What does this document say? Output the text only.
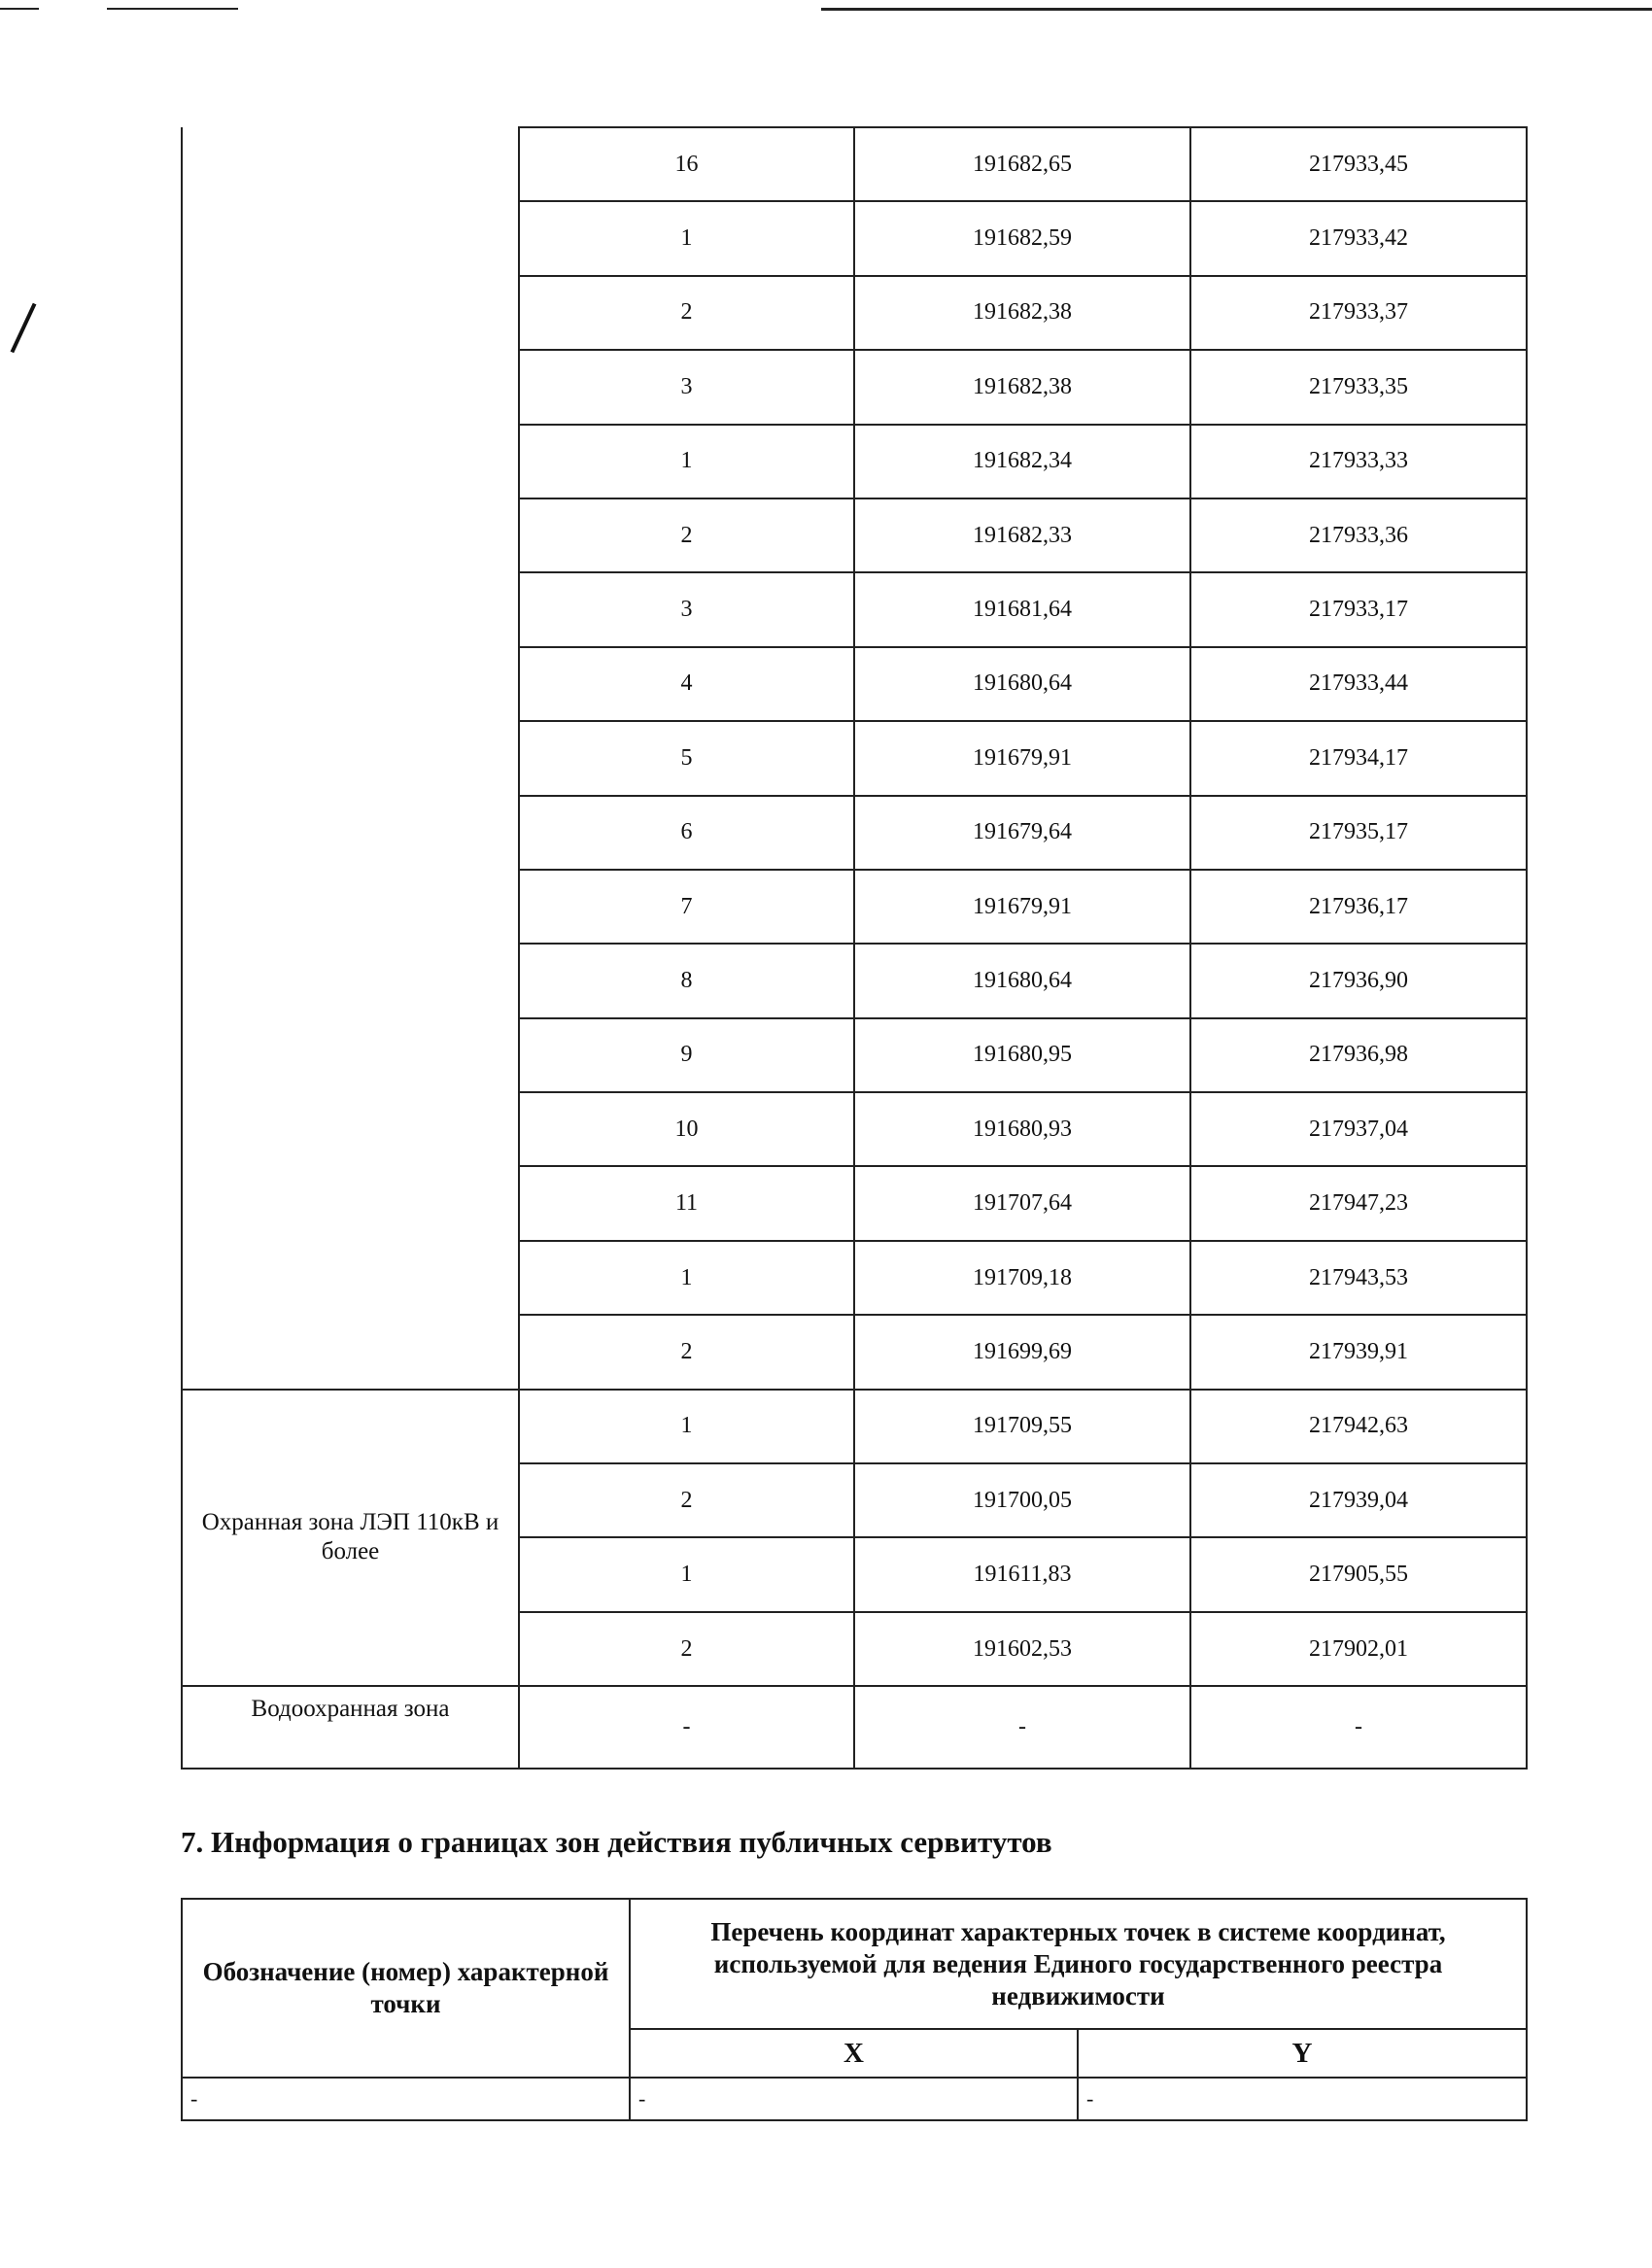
	16	191682,65	217933,45
	1	191682,59	217933,42
	2	191682,38	217933,37
	3	191682,38	217933,35
	1	191682,34	217933,33
	2	191682,33	217933,36
	3	191681,64	217933,17
	4	191680,64	217933,44
	5	191679,91	217934,17
	6	191679,64	217935,17
	7	191679,91	217936,17
	8	191680,64	217936,90
	9	191680,95	217936,98
	10	191680,93	217937,04
	11	191707,64	217947,23
	1	191709,18	217943,53
	2	191699,69	217939,91
Охранная зона ЛЭП 110кВ и более	1	191709,55	217942,63
	2	191700,05	217939,04
	1	191611,83	217905,55
	2	191602,53	217902,01
Водоохранная зона	-	-	-
7. Информация о границах зон действия публичных сервитутов
Обозначение (номер) характерной точки	Перечень координат характерных точек в системе координат, используемой для ведения Единого государственного реестра недвижимости	
	X	Y
-	-	-
